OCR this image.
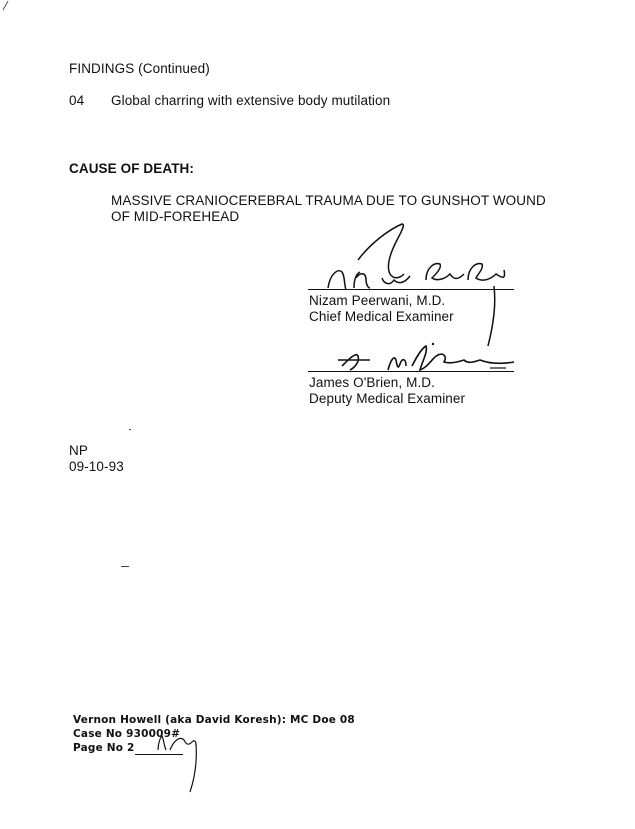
FINDINGS (Continued)
04 Global charring with extensive body mutilation
CAUSE OF DEATH:
MASSIVE CRANIOCEREBRAL TRAUMA DUE TO GUNSHOT WOUND
OF MID-FOREHEAD
Nizam Peerwani, M.D.
Chief Medical Examiner
James O'Brien, M.D.
Deputy Medical Examiner
NP
09-10-93
Vernon Howell (aka David Koresh): MC Doe 08
Case No 930009#
Page No 2
